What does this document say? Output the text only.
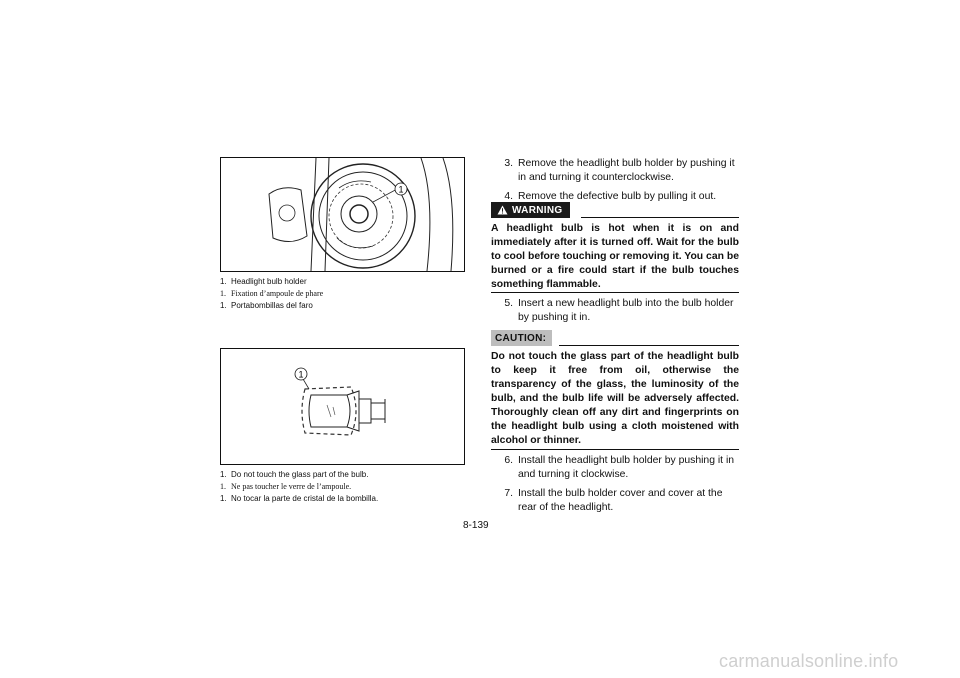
1
1. Headlight bulb holder
1. Fixation d’ampoule de phare
1. Portabombillas del faro
1
1. Do not touch the glass part of the bulb.
1. Ne pas toucher le verre de l’ampoule.
1. No tocar la parte de cristal de la bombilla.
3. Remove the headlight bulb holder by pushing it in and turning it counterclockwise.
4. Remove the defective bulb by pulling it out.
WARNING
A headlight bulb is hot when it is on and immediately after it is turned off. Wait for the bulb to cool before touching or removing it. You can be burned or a fire could start if the bulb touches something flammable.
5. Insert a new headlight bulb into the bulb holder by pushing it in.
CAUTION:
Do not touch the glass part of the headlight bulb to keep it free from oil, otherwise the transparency of the glass, the luminosity of the bulb, and the bulb life will be adversely affected. Thoroughly clean off any dirt and fingerprints on the headlight bulb using a cloth moistened with alcohol or thinner.
6. Install the headlight bulb holder by pushing it in and turning it clockwise.
7. Install the bulb holder cover and cover at the rear of the headlight.
8-139
carmanualsonline.info
